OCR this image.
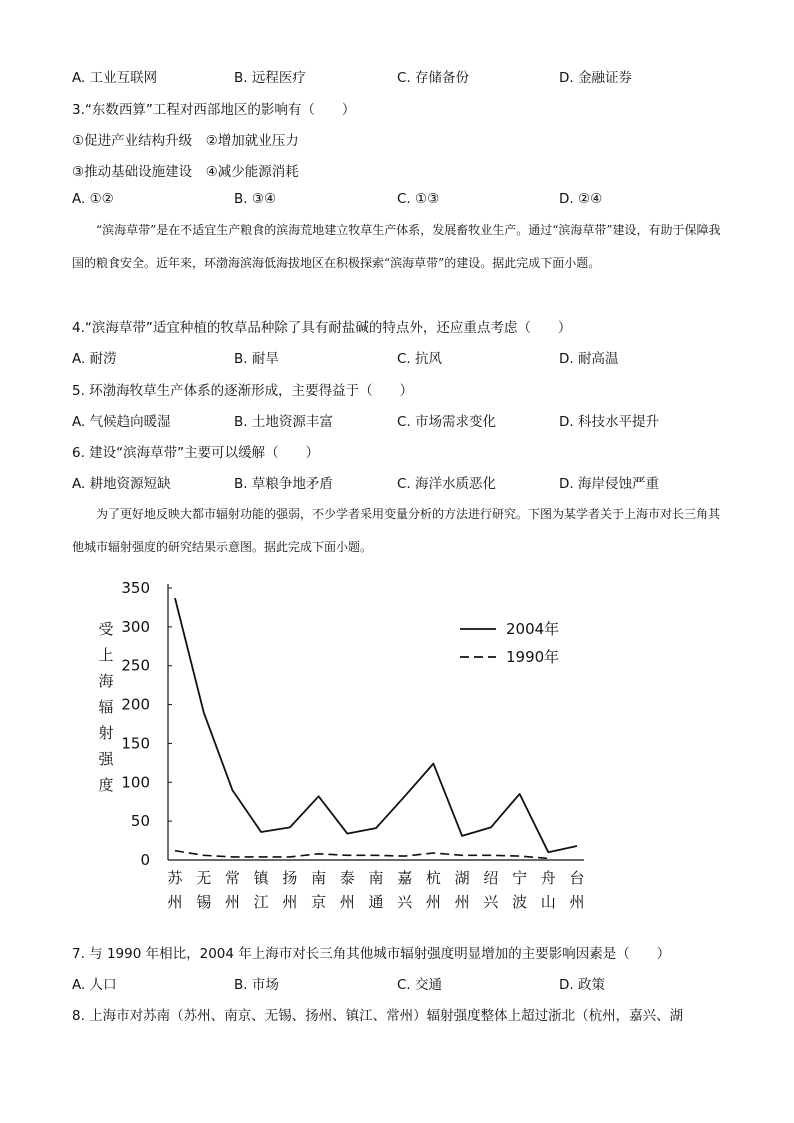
A. 工业互联网	B. 远程医疗	C. 存储备份	D. 金融证券
3.“东数西算”工程对西部地区的影响有（　　）
①促进产业结构升级　②增加就业压力
③推动基础设施建设　④减少能源消耗
A. ①②	B. ③④	C. ①③	D. ②④
“滨海草带”是在不适宜生产粮食的滨海荒地建立牧草生产体系，发展畜牧业生产。通过“滨海草带”建设，有助于保障我国的粮食安全。近年来，环渤海滨海低海拔地区在积极探索“滨海草带”的建设。据此完成下面小题。
4.“滨海草带”适宜种植的牧草品种除了具有耐盐碱的特点外，还应重点考虑（　　）
A. 耐涝	B. 耐旱	C. 抗风	D. 耐高温
5. 环渤海牧草生产体系的逐渐形成，主要得益于（　　）
A. 气候趋向暖湿	B. 土地资源丰富	C. 市场需求变化	D. 科技水平提升
6. 建设“滨海草带”主要可以缓解（　　）
A. 耕地资源短缺	B. 草粮争地矛盾	C. 海洋水质恶化	D. 海岸侵蚀严重
为了更好地反映大都市辐射功能的强弱，不少学者采用变量分析的方法进行研究。下图为某学者关于上海市对长三角其他城市辐射强度的研究结果示意图。据此完成下面小题。
受
上
海
辐
射
强
度
0
50
100
150
200
250
300
350
苏
州
无
锡
常
州
镇
江
扬
州
南
京
泰
州
南
通
嘉
兴
杭
州
湖
州
绍
兴
宁
波
舟
山
台
州
2004年
1990年
7. 与 1990 年相比，2004 年上海市对长三角其他城市辐射强度明显增加的主要影响因素是（　　）
A. 人口	B. 市场	C. 交通	D. 政策
8. 上海市对苏南（苏州、南京、无锡、扬州、镇江、常州）辐射强度整体上超过浙北（杭州，嘉兴、湖
